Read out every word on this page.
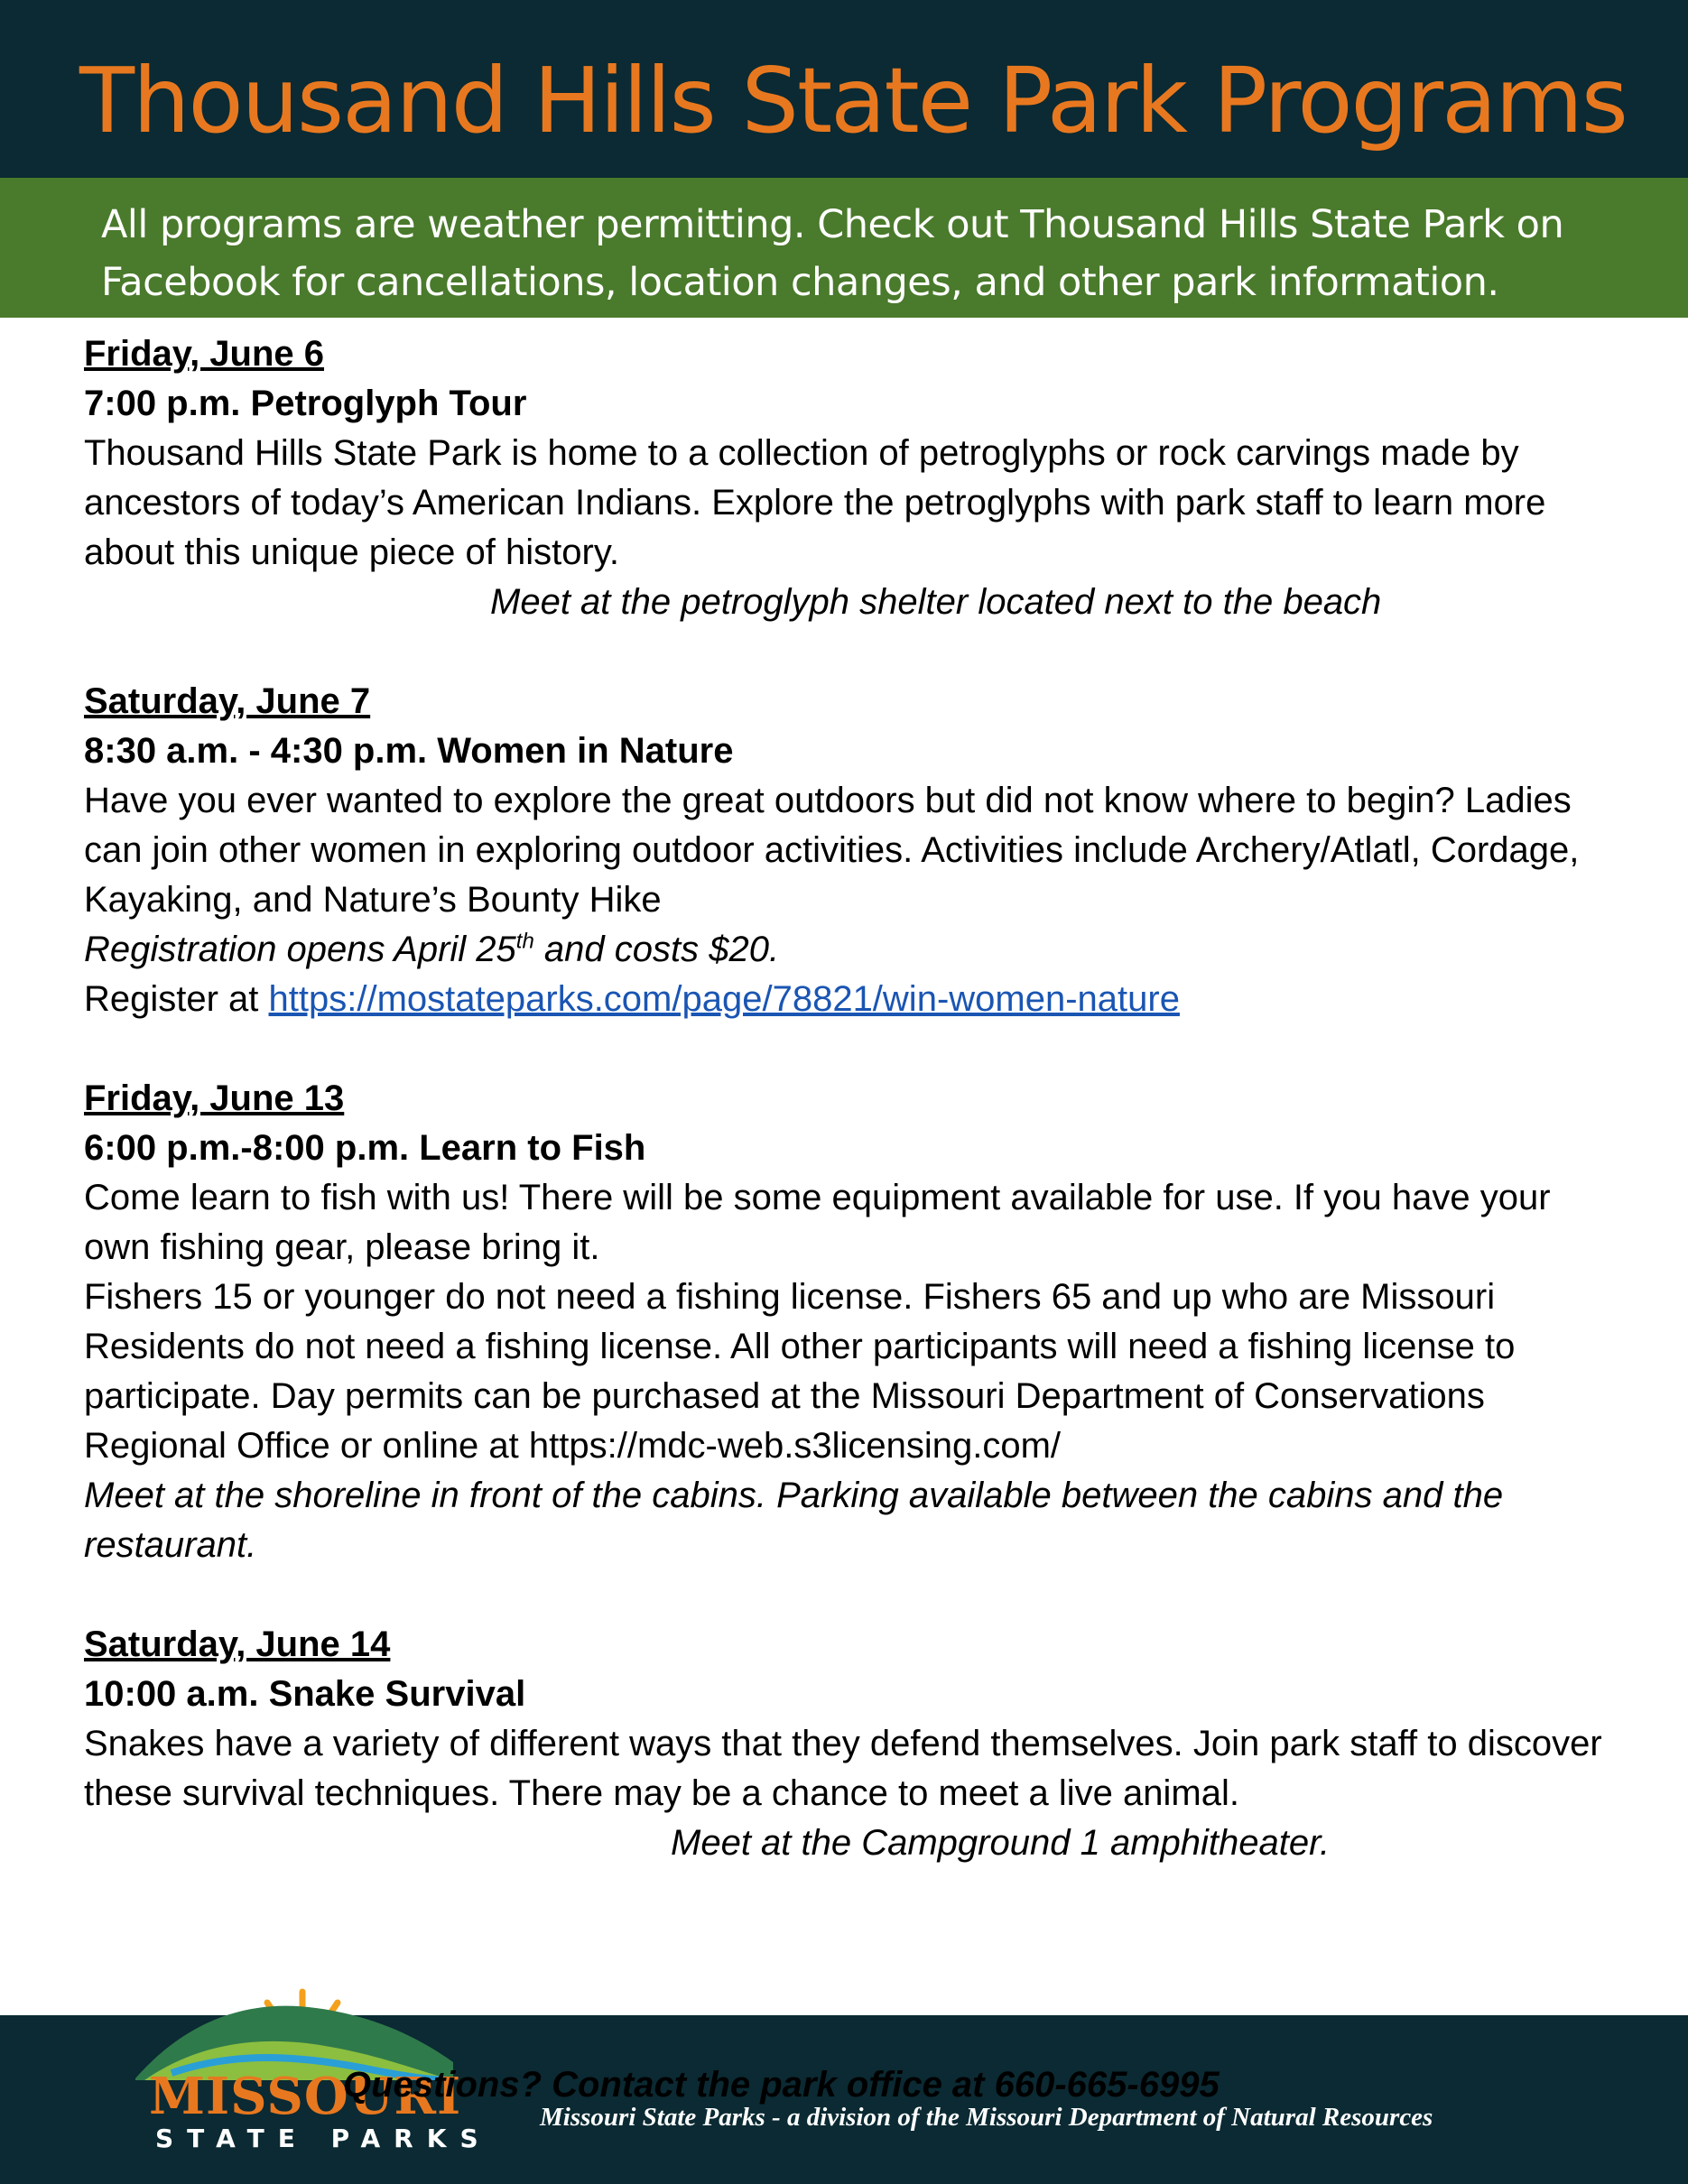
Thousand Hills State Park Programs

All programs are weather permitting. Check out Thousand Hills State Park on Facebook for cancellations, location changes, and other park information.

Friday, June 6
7:00 p.m. Petroglyph Tour
Thousand Hills State Park is home to a collection of petroglyphs or rock carvings made by ancestors of today’s American Indians. Explore the petroglyphs with park staff to learn more about this unique piece of history.
Meet at the petroglyph shelter located next to the beach
Saturday, June 7
8:30 a.m. - 4:30 p.m. Women in Nature
Have you ever wanted to explore the great outdoors but did not know where to begin? Ladies can join other women in exploring outdoor activities. Activities include Archery/Atlatl, Cordage, Kayaking, and Nature’s Bounty Hike
Registration opens April 25th and costs $20.
Register at https://mostateparks.com/page/78821/win-women-nature
Friday, June 13
6:00 p.m.-8:00 p.m. Learn to Fish
Come learn to fish with us! There will be some equipment available for use. If you have your own fishing gear, please bring it.
Fishers 15 or younger do not need a fishing license. Fishers 65 and up who are Missouri Residents do not need a fishing license. All other participants will need a fishing license to participate. Day permits can be purchased at the Missouri Department of Conservations Regional Office or online at https://mdc-web.s3licensing.com/
Meet at the shoreline in front of the cabins. Parking available between the cabins and the restaurant.
Saturday, June 14
10:00 a.m. Snake Survival
Snakes have a variety of different ways that they defend themselves. Join park staff to discover these survival techniques. There may be a chance to meet a live animal.
Meet at the Campground 1 amphitheater.
MISSOURI
STATE PARKS
Questions? Contact the park office at 660-665-6995
Missouri State Parks - a division of the Missouri Department of Natural Resources
